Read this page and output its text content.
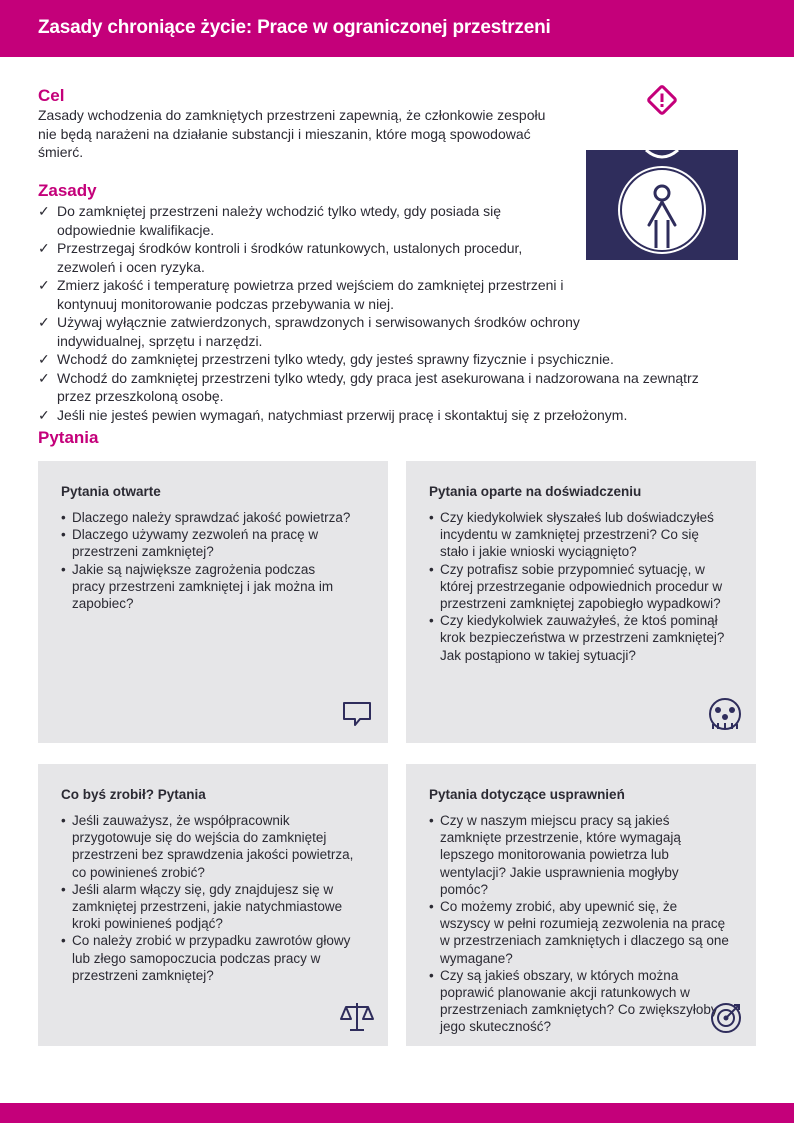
Zasady chroniące życie: Prace w ograniczonej przestrzeni
Cel

Zasady wchodzenia do zamkniętych przestrzeni zapewnią, że członkowie zespołu nie będą narażeni na działanie substancji i mieszanin, które mogą spowodować śmierć.

Zasady
✓ Do zamkniętej przestrzeni należy wchodzić tylko wtedy, gdy posiada się odpowiednie kwalifikacje.
✓ Przestrzegaj środków kontroli i środków ratunkowych, ustalonych procedur, zezwoleń i ocen ryzyka.
✓ Zmierz jakość i temperaturę powietrza przed wejściem do zamkniętej przestrzeni i kontynuuj monitorowanie podczas przebywania w niej.
✓ Używaj wyłącznie zatwierdzonych, sprawdzonych i serwisowanych środków ochrony indywidualnej, sprzętu i narzędzi.
✓ Wchodź do zamkniętej przestrzeni tylko wtedy, gdy jesteś sprawny fizycznie i psychicznie.
✓ Wchodź do zamkniętej przestrzeni tylko wtedy, gdy praca jest asekurowana i nadzorowana na zewnątrz przez przeszkoloną osobę.
✓ Jeśli nie jesteś pewien wymagań, natychmiast przerwij pracę i skontaktuj się z przełożonym.
Pytania
Pytania otwarte
• Dlaczego należy sprawdzać jakość powietrza?
• Dlaczego używamy zezwoleń na pracę w przestrzeni zamkniętej?
• Jakie są największe zagrożenia podczas pracy przestrzeni zamkniętej i jak można im zapobiec?
Pytania oparte na doświadczeniu
• Czy kiedykolwiek słyszałeś lub doświadczyłeś incydentu w zamkniętej przestrzeni? Co się stało i jakie wnioski wyciągnięto?
• Czy potrafisz sobie przypomnieć sytuację, w której przestrzeganie odpowiednich procedur w przestrzeni zamkniętej zapobiegło wypadkowi?
• Czy kiedykolwiek zauważyłeś, że ktoś pominął krok bezpieczeństwa w przestrzeni zamkniętej? Jak postąpiono w takiej sytuacji?
Co byś zrobił? Pytania
• Jeśli zauważysz, że współpracownik przygotowuje się do wejścia do zamkniętej przestrzeni bez sprawdzenia jakości powietrza, co powinieneś zrobić?
• Jeśli alarm włączy się, gdy znajdujesz się w zamkniętej przestrzeni, jakie natychmiastowe kroki powinieneś podjąć?
• Co należy zrobić w przypadku zawrotów głowy lub złego samopoczucia podczas pracy w przestrzeni zamkniętej?
Pytania dotyczące usprawnień
• Czy w naszym miejscu pracy są jakieś zamknięte przestrzenie, które wymagają lepszego monitorowania powietrza lub wentylacji? Jakie usprawnienia mogłyby pomóc?
• Co możemy zrobić, aby upewnić się, że wszyscy w pełni rozumieją zezwolenia na pracę w przestrzeniach zamkniętych i dlaczego są one wymagane?
• Czy są jakieś obszary, w których można poprawić planowanie akcji ratunkowych w przestrzeniach zamkniętych? Co zwiększyłoby jego skuteczność?
